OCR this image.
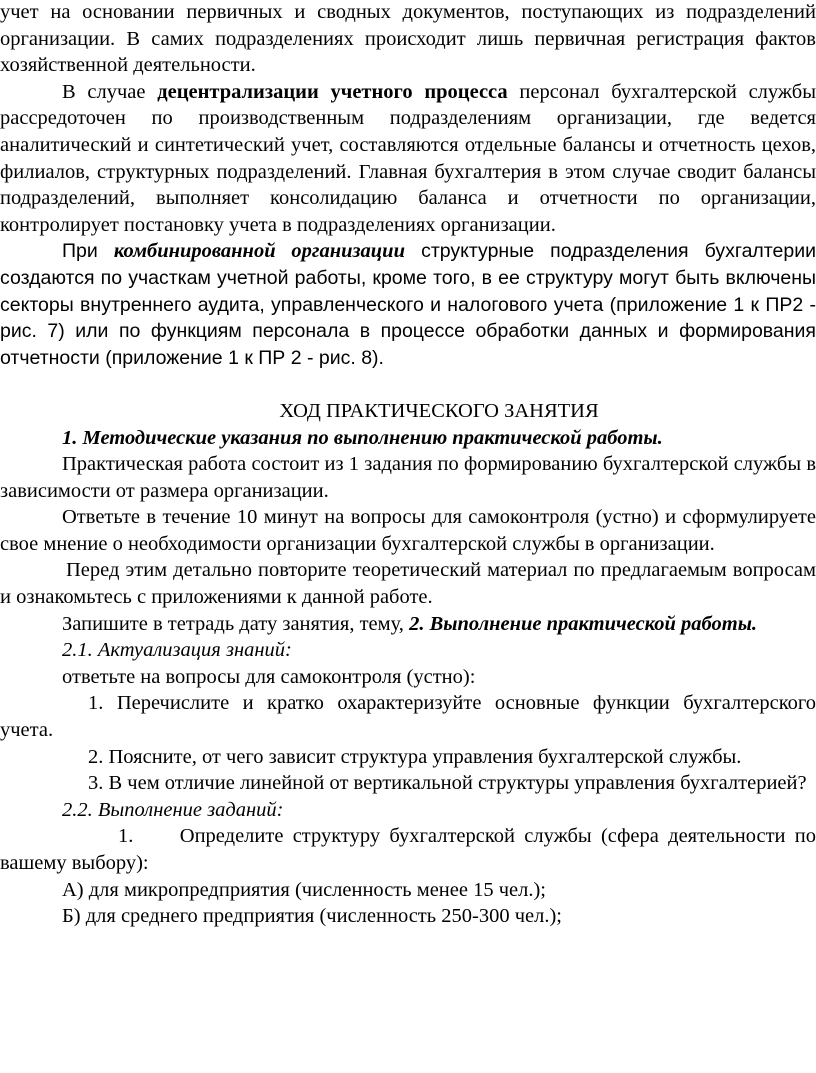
учет на основании первичных и сводных документов, поступающих из подразделений организации. В самих подразделениях происходит лишь первичная регистрация фактов хозяйственной деятельности.

В случае децентрализации учетного процесса персонал бухгалтерской службы рассредоточен по производственным подразделениям организации, где ведется аналитический и синтетический учет, составляются отдельные балансы и отчетность цехов, филиалов, структурных подразделений. Главная бухгалтерия в этом случае сводит балансы подразделений, выполняет консолидацию баланса и отчетности по организации, контролирует постановку учета в подразделениях организации.

При комбинированной организации структурные подразделения бухгалтерии создаются по участкам учетной работы, кроме того, в ее структуру могут быть включены секторы внутреннего аудита, управленческого и налогового учета (приложение 1 к ПР2 - рис. 7) или по функциям персонала в процессе обработки данных и формирования отчетности (приложение 1 к ПР 2 - рис. 8).

ХОД ПРАКТИЧЕСКОГО ЗАНЯТИЯ

1. Методические указания по выполнению практической работы.

Практическая работа состоит из 1 задания по формированию бухгалтерской службы в зависимости от размера организации.

Ответьте в течение 10 минут на вопросы для самоконтроля (устно) и сформулируете свое мнение о необходимости организации бухгалтерской службы в организации.

Перед этим детально повторите теоретический материал по предлагаемым вопросам и ознакомьтесь с приложениями к данной работе.

Запишите в тетрадь дату занятия, тему, 2. Выполнение практической работы.

2.1. Актуализация знаний:

ответьте на вопросы для самоконтроля (устно):

1. Перечислите и кратко охарактеризуйте основные функции бухгалтерского учета.

2. Поясните, от чего зависит структура управления бухгалтерской службы.

3. В чем отличие линейной от вертикальной структуры управления бухгалтерией?

2.2. Выполнение заданий:

1. Определите структуру бухгалтерской службы (сфера деятельности по вашему выбору):

А) для микропредприятия (численность менее 15 чел.);

Б) для среднего предприятия (численность 250-300 чел.);
